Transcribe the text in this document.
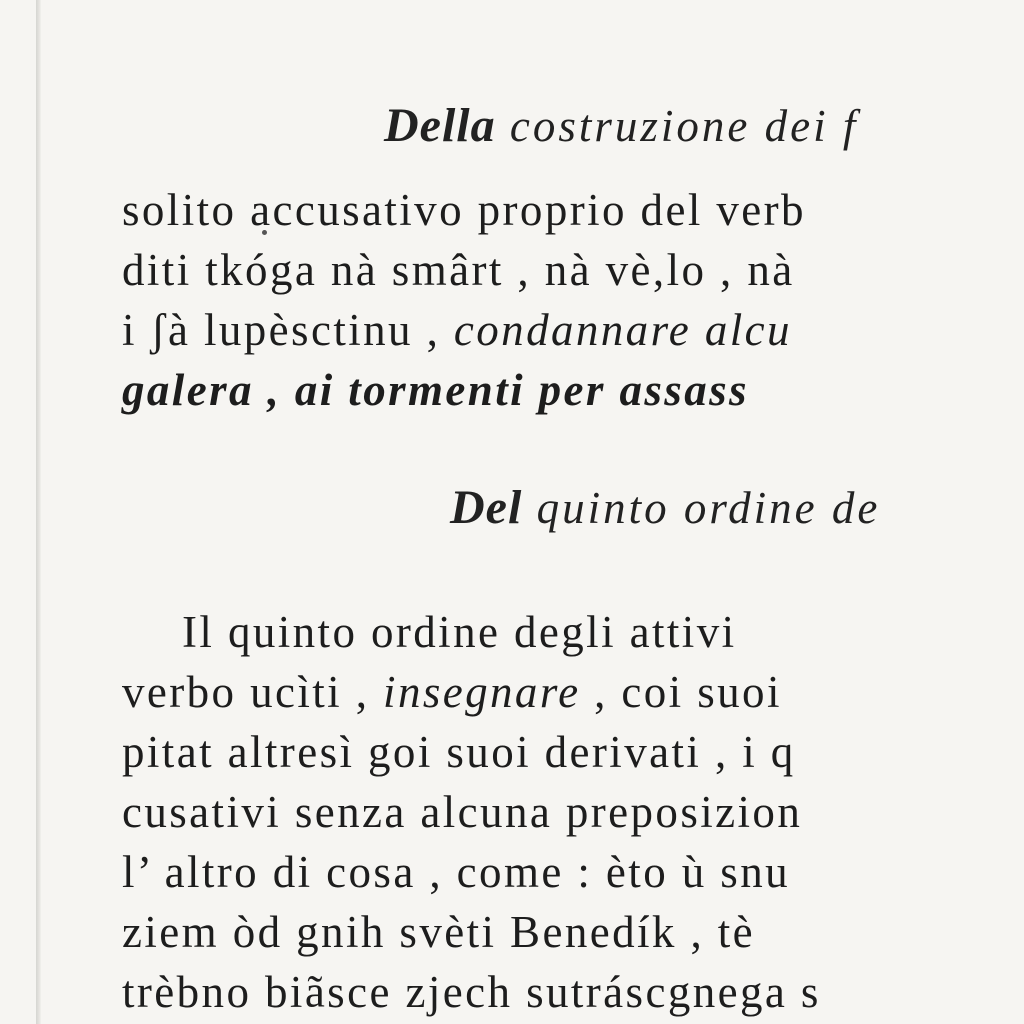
Della costruzione dei f

solito accusativo proprio del verb

diti tkóga nà smârt , nà vè,lo , nà

i ʃà lupèsctinu , condannare alcu

galera , ai tormenti per assass

Del quinto ordine de

Il quinto ordine degli attivi

verbo ucìti , insegnare , coi suoi

pitat altresì goi suoi derivati , i q

cusativi senza alcuna preposizion

l’ altro di cosa , come : èto ù snu

ziem òd gnih svèti Benedík , tè

trèbno biãsce zjech sutráscgnega s
